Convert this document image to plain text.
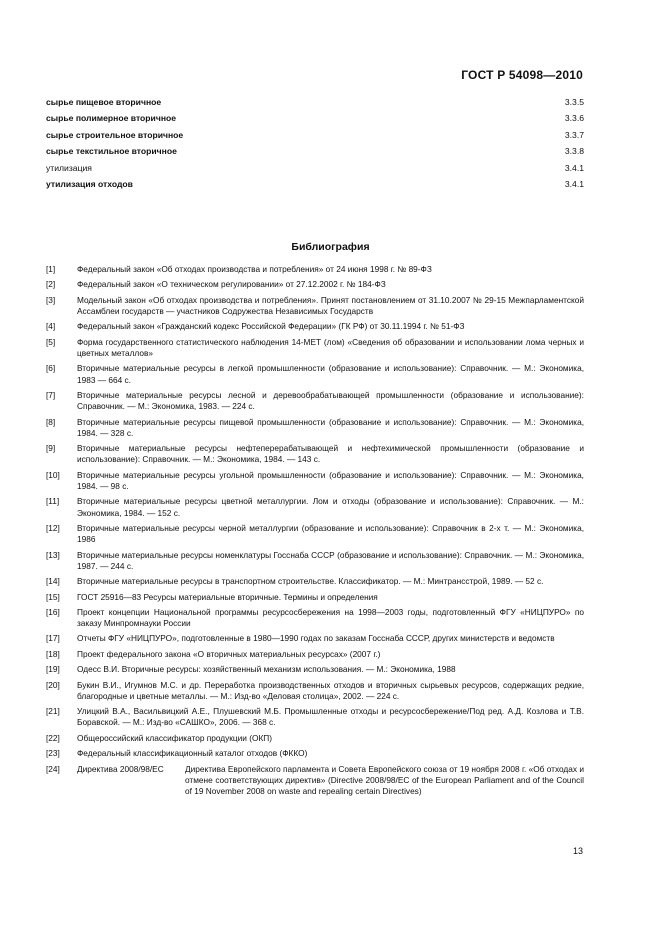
ГОСТ Р 54098—2010
сырье пищевое вторичное	3.3.5
сырье полимерное вторичное	3.3.6
сырье строительное вторичное	3.3.7
сырье текстильное вторичное	3.3.8
утилизация	3.4.1
утилизация отходов	3.4.1
Библиография
[1]	Федеральный закон «Об отходах производства и потребления» от 24 июня 1998 г. № 89-ФЗ
[2]	Федеральный закон «О техническом регулировании» от 27.12.2002 г. № 184-ФЗ
[3]	Модельный закон «Об отходах производства и потребления». Принят постановлением от 31.10.2007 № 29-15 Межпарламентской Ассамблеи государств — участников Содружества Независимых Государств
[4]	Федеральный закон «Гражданский кодекс Российской Федерации» (ГК РФ) от 30.11.1994 г. № 51-ФЗ
[5]	Форма государственного статистического наблюдения 14-МЕТ (лом) «Сведения об образовании и использовании лома черных и цветных металлов»
[6]	Вторичные материальные ресурсы в легкой промышленности (образование и использование): Справочник. — М.: Экономика, 1983 — 664 с.
[7]	Вторичные материальные ресурсы лесной и деревообрабатывающей промышленности (образование и использование): Справочник. — М.: Экономика, 1983. — 224 с.
[8]	Вторичные материальные ресурсы пищевой промышленности (образование и использование): Справочник. — М.: Экономика, 1984. — 328 с.
[9]	Вторичные материальные ресурсы нефтеперерабатывающей и нефтехимической промышленности (образование и использование): Справочник. — М.: Экономика, 1984. — 143 с.
[10]	Вторичные материальные ресурсы угольной промышленности (образование и использование): Справочник. — М.: Экономика, 1984. — 98 с.
[11]	Вторичные материальные ресурсы цветной металлургии. Лом и отходы (образование и использование): Справочник. — М.: Экономика, 1984. — 152 с.
[12]	Вторичные материальные ресурсы черной металлургии (образование и использование): Справочник в 2-х т. — М.: Экономика, 1986
[13]	Вторичные материальные ресурсы номенклатуры Госснаба СССР (образование и использование): Справочник. — М.: Экономика, 1987. — 244 с.
[14]	Вторичные материальные ресурсы в транспортном строительстве. Классификатор. — М.: Минтрансстрой, 1989. — 52 с.
[15]	ГОСТ 25916—83 Ресурсы материальные вторичные. Термины и определения
[16]	Проект концепции Национальной программы ресурсосбережения на 1998—2003 годы, подготовленный ФГУ «НИЦПУРО» по заказу Минпромнауки России
[17]	Отчеты ФГУ «НИЦПУРО», подготовленные в 1980—1990 годах по заказам Госснаба СССР, других министерств и ведомств
[18]	Проект федерального закона «О вторичных материальных ресурсах» (2007 г.)
[19]	Одесс В.И. Вторичные ресурсы: хозяйственный механизм использования. — М.: Экономика, 1988
[20]	Букин В.И., Игумнов М.С. и др. Переработка производственных отходов и вторичных сырьевых ресурсов, содержащих редкие, благородные и цветные металлы. — М.: Изд-во «Деловая столица», 2002. — 224 с.
[21]	Улицкий В.А., Васильвицкий А.Е., Плушевский М.Б. Промышленные отходы и ресурсосбережение/Под ред. А.Д. Козлова и Т.В. Боравской. — М.: Изд-во «САШКО», 2006. — 368 с.
[22]	Общероссийский классификатор продукции (ОКП)
[23]	Федеральный классификационный каталог отходов (ФККО)
[24]	Директива 2008/98/ЕС	Директива Европейского парламента и Совета Европейского союза от 19 ноября 2008 г. «Об отходах и отмене соответствующих директив» (Directive 2008/98/EC of the European Parliament and of the Council of 19 November 2008 on waste and repealing certain Directives)
13
